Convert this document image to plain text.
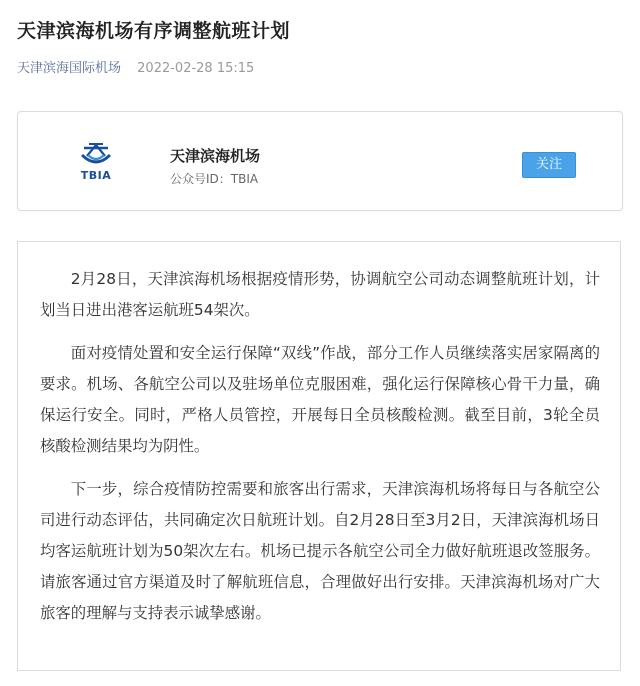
天津滨海机场有序调整航班计划
天津滨海国际机场 2022-02-28 15:15
TBIA
天津滨海机场
公众号ID：TBIA
关注

2月28日，天津滨海机场根据疫情形势，协调航空公司动态调整航班计划，计划当日进出港客运航班54架次。

面对疫情处置和安全运行保障“双线”作战，部分工作人员继续落实居家隔离的要求。机场、各航空公司以及驻场单位克服困难，强化运行保障核心骨干力量，确保运行安全。同时，严格人员管控，开展每日全员核酸检测。截至目前，3轮全员核酸检测结果均为阴性。

下一步，综合疫情防控需要和旅客出行需求，天津滨海机场将每日与各航空公司进行动态评估，共同确定次日航班计划。自2月28日至3月2日，天津滨海机场日均客运航班计划为50架次左右。机场已提示各航空公司全力做好航班退改签服务。请旅客通过官方渠道及时了解航班信息，合理做好出行安排。天津滨海机场对广大旅客的理解与支持表示诚挚感谢。
